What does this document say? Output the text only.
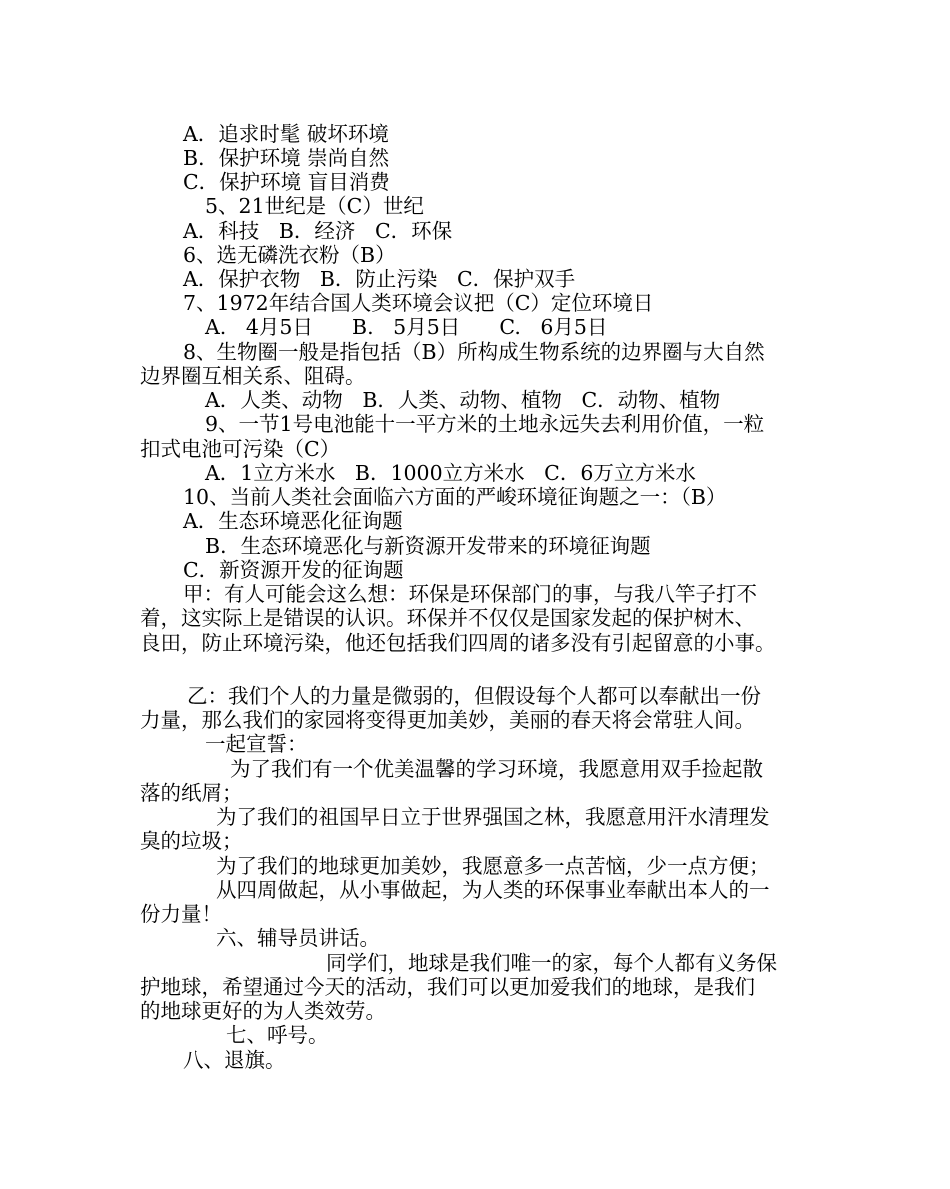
A．追求时髦 破坏环境
B．保护环境 崇尚自然
C．保护环境 盲目消费
5、21世纪是（C）世纪
A．科技   B．经济   C．环保
6、选无磷洗衣粉（B）
A．保护衣物   B．防止污染   C．保护双手
7、1972年结合国人类环境会议把（C）定位环境日
A.   4月5日      B.   5月5日      C.   6月5日
8、生物圈一般是指包括（B）所构成生物系统的边界圈与大自然
边界圈互相关系、阻碍。
A．人类、动物   B．人类、动物、植物   C．动物、植物
9、一节1号电池能十一平方米的土地永远失去利用价值，一粒
扣式电池可污染（C）
A．1立方米水   B．1000立方米水   C．6万立方米水
10、当前人类社会面临六方面的严峻环境征询题之一：（B）
A．生态环境恶化征询题
B．生态环境恶化与新资源开发带来的环境征询题
C．新资源开发的征询题
甲：有人可能会这么想：环保是环保部门的事，与我八竿子打不
着，这实际上是错误的认识。环保并不仅仅是国家发起的保护树木、
良田，防止环境污染，他还包括我们四周的诸多没有引起留意的小事。
乙：我们个人的力量是微弱的，但假设每个人都可以奉献出一份
力量，那么我们的家园将变得更加美妙，美丽的春天将会常驻人间。
一起宣誓：
为了我们有一个优美温馨的学习环境，我愿意用双手捡起散
落的纸屑；
为了我们的祖国早日立于世界强国之林，我愿意用汗水清理发
臭的垃圾；
为了我们的地球更加美妙，我愿意多一点苦恼，少一点方便；
从四周做起，从小事做起，为人类的环保事业奉献出本人的一
份力量！
六、辅导员讲话。
同学们，地球是我们唯一的家，每个人都有义务保
护地球，希望通过今天的活动，我们可以更加爱我们的地球，是我们
的地球更好的为人类效劳。
七、呼号。
八、退旗。
